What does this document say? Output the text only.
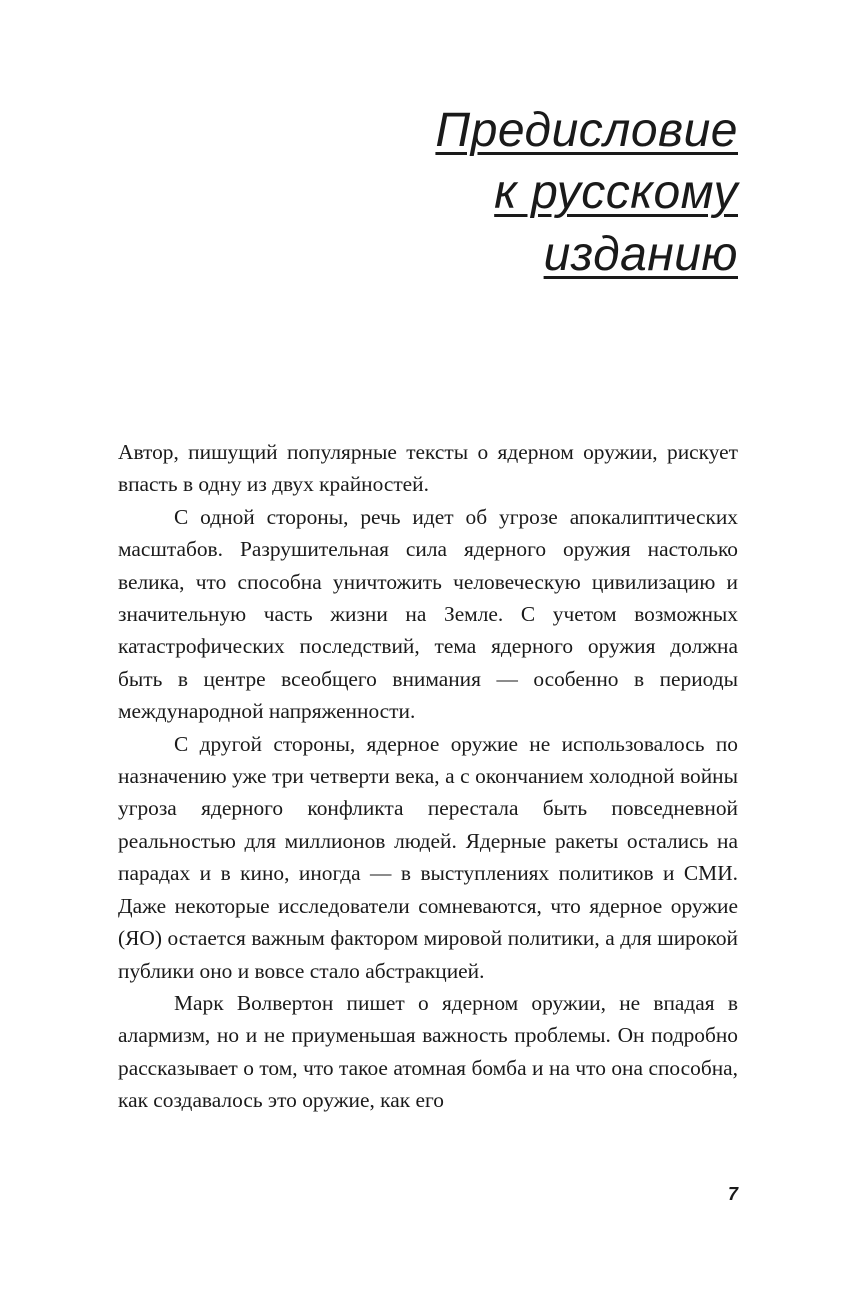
Предисловие
к русскому
изданию

Автор, пишущий популярные тексты о ядерном оружии, рискует впасть в одну из двух крайностей.

С одной стороны, речь идет об угрозе апокалиптических масштабов. Разрушительная сила ядерного оружия настолько велика, что способна уничтожить человеческую цивилизацию и значительную часть жизни на Земле. С учетом возможных катастрофических последствий, тема ядерного оружия должна быть в центре всеобщего внимания — особенно в периоды международной напряженности.

С другой стороны, ядерное оружие не использовалось по назначению уже три четверти века, а с окончанием холодной войны угроза ядерного конфликта перестала быть повседневной реальностью для миллионов людей. Ядерные ракеты остались на парадах и в кино, иногда — в выступлениях политиков и СМИ. Даже некоторые исследователи сомневаются, что ядерное оружие (ЯО) остается важным фактором мировой политики, а для широкой публики оно и вовсе стало абстракцией.

Марк Волвертон пишет о ядерном оружии, не впадая в алармизм, но и не приуменьшая важность проблемы. Он подробно рассказывает о том, что такое атомная бомба и на что она способна, как создавалось это оружие, как его

7
